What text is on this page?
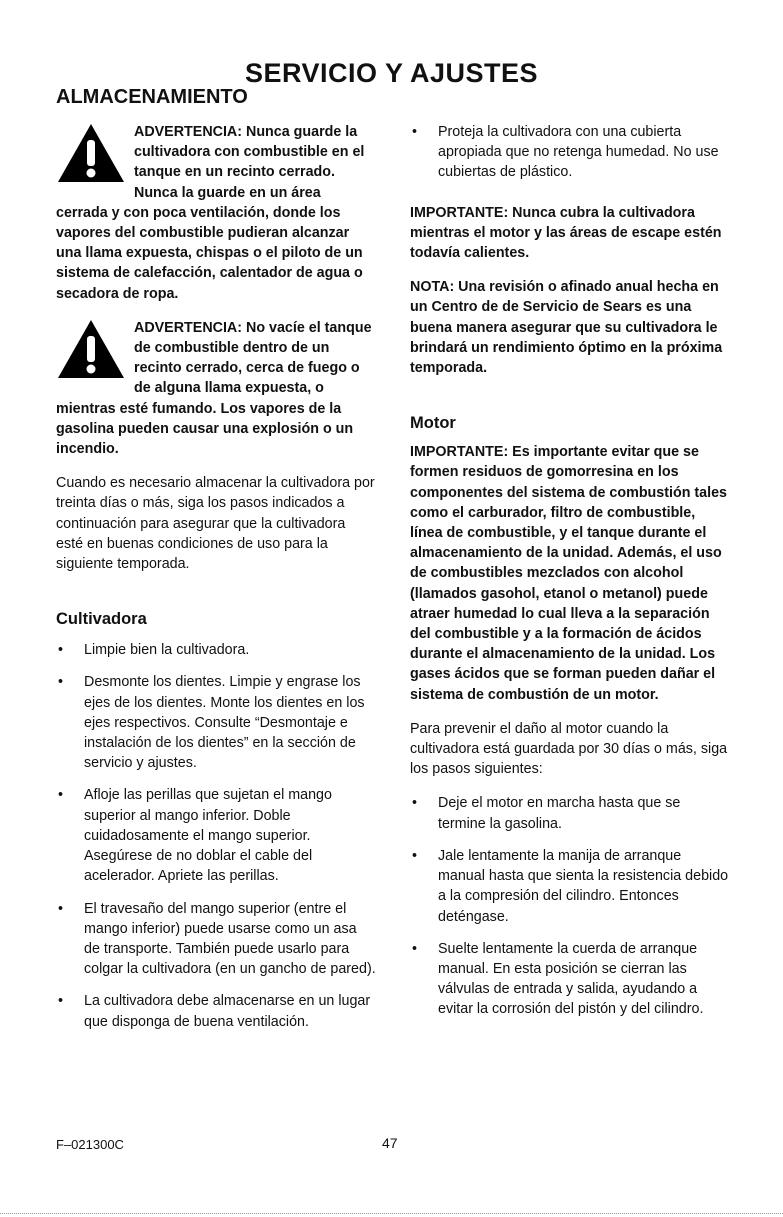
SERVICIO Y AJUSTES
ALMACENAMIENTO

ADVERTENCIA: Nunca guarde la cultivadora con combustible en el tanque en un recinto cerrado. Nunca la guarde en un área cerrada y con poca ventilación, donde los vapores del combustible pudieran alcanzar una llama expuesta, chispas o el piloto de un sistema de calefacción, calentador de agua o secadora de ropa.

ADVERTENCIA: No vacíe el tanque de combustible dentro de un recinto cerrado, cerca de fuego o de alguna llama expuesta, o mientras esté fumando. Los vapores de la gasolina pueden causar una explosión o un incendio.

Cuando es necesario almacenar la cultivadora por treinta días o más, siga los pasos indicados a continuación para asegurar que la cultivadora esté en buenas condiciones de uso para la siguiente temporada.

Cultivadora
• Limpie bien la cultivadora.
• Desmonte los dientes. Limpie y engrase los ejes de los dientes. Monte los dientes en los ejes respectivos. Consulte “Desmontaje e instalación de los dientes” en la sección de servicio y ajustes.
• Afloje las perillas que sujetan el mango superior al mango inferior. Doble cuidadosamente el mango superior. Asegúrese de no doblar el cable del acelerador. Apriete las perillas.
• El travesaño del mango superior (entre el mango inferior) puede usarse como un asa de transporte. También puede usarlo para colgar la cultivadora (en un gancho de pared).
• La cultivadora debe almacenarse en un lugar que disponga de buena ventilación.
• Proteja la cultivadora con una cubierta apropiada que no retenga humedad. No use cubiertas de plástico.

IMPORTANTE: Nunca cubra la cultivadora mientras el motor y las áreas de escape estén todavía calientes.

NOTA: Una revisión o afinado anual hecha en un Centro de de Servicio de Sears es una buena manera asegurar que su cultivadora le brindará un rendimiento óptimo en la próxima temporada.

Motor

IMPORTANTE: Es importante evitar que se formen residuos de gomorresina en los componentes del sistema de combustión tales como el carburador, filtro de combustible, línea de combustible, y el tanque durante el almacenamiento de la unidad. Además, el uso de combustibles mezclados con alcohol (llamados gasohol, etanol o metanol) puede atraer humedad lo cual lleva a la separación del combustible y a la formación de ácidos durante el almacenamiento de la unidad. Los gases ácidos que se forman pueden dañar el sistema de combustión de un motor.

Para prevenir el daño al motor cuando la cultivadora está guardada por 30 días o más, siga los pasos siguientes:

• Deje el motor en marcha hasta que se termine la gasolina.
• Jale lentamente la manija de arranque manual hasta que sienta la resistencia debido a la compresión del cilindro. Entonces deténgase.
• Suelte lentamente la cuerda de arranque manual. En esta posición se cierran las válvulas de entrada y salida, ayudando a evitar la corrosión del pistón y del cilindro.
F–021300C	47
